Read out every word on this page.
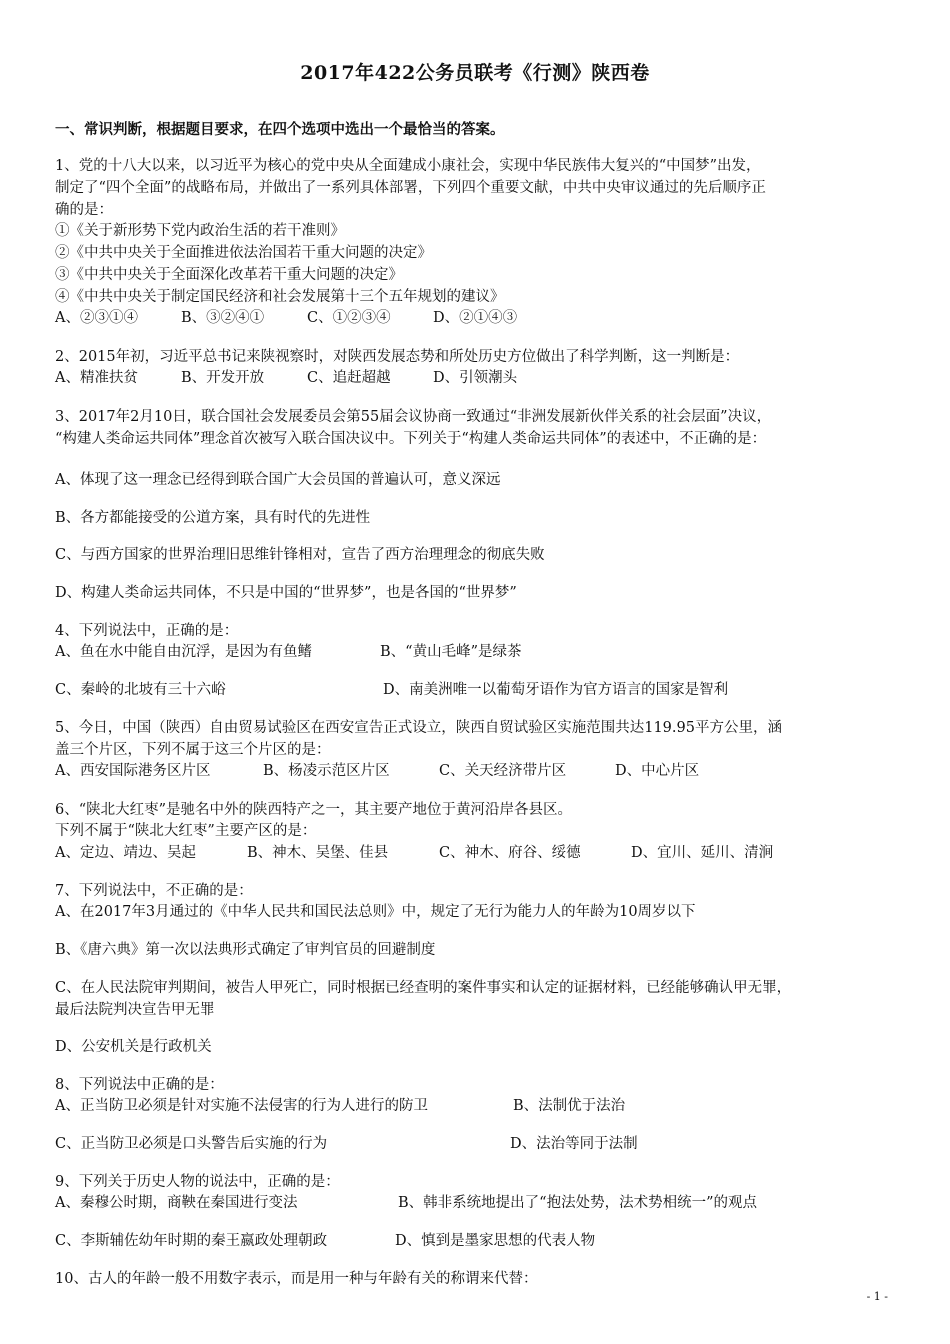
2017年422公务员联考《行测》陕西卷
一、常识判断，根据题目要求，在四个选项中选出一个最恰当的答案。
1、党的十八大以来，以习近平为核心的党中央从全面建成小康社会，实现中华民族伟大复兴的“中国梦”出发，
制定了“四个全面”的战略布局，并做出了一系列具体部署，下列四个重要文献，中共中央审议通过的先后顺序正
确的是：
①《关于新形势下党内政治生活的若干准则》
②《中共中央关于全面推进依法治国若干重大问题的决定》
③《中共中央关于全面深化改革若干重大问题的决定》
④《中共中央关于制定国民经济和社会发展第十三个五年规划的建议》
A、②③①④	B、③②④①	C、①②③④	D、②①④③
2、2015年初，习近平总书记来陕视察时，对陕西发展态势和所处历史方位做出了科学判断，这一判断是：
A、精准扶贫	B、开发开放	C、追赶超越	D、引领潮头
3、2017年2月10日，联合国社会发展委员会第55届会议协商一致通过“非洲发展新伙伴关系的社会层面”决议，
“构建人类命运共同体”理念首次被写入联合国决议中。下列关于“构建人类命运共同体”的表述中，不正确的是：
A、体现了这一理念已经得到联合国广大会员国的普遍认可，意义深远
B、各方都能接受的公道方案，具有时代的先进性
C、与西方国家的世界治理旧思维针锋相对，宣告了西方治理理念的彻底失败
D、构建人类命运共同体，不只是中国的“世界梦”，也是各国的“世界梦”
4、下列说法中，正确的是：
A、鱼在水中能自由沉浮，是因为有鱼鳍	B、“黄山毛峰”是绿茶
C、秦岭的北坡有三十六峪	D、南美洲唯一以葡萄牙语作为官方语言的国家是智利
5、今日，中国（陕西）自由贸易试验区在西安宣告正式设立，陕西自贸试验区实施范围共达119.95平方公里，涵
盖三个片区，下列不属于这三个片区的是：
A、西安国际港务区片区	B、杨凌示范区片区	C、关天经济带片区	D、中心片区
6、“陕北大红枣”是驰名中外的陕西特产之一，其主要产地位于黄河沿岸各县区。
下列不属于“陕北大红枣”主要产区的是：
A、定边、靖边、吴起	B、神木、吴堡、佳县	C、神木、府谷、绥德	D、宜川、延川、清涧
7、下列说法中，不正确的是：
A、在2017年3月通过的《中华人民共和国民法总则》中，规定了无行为能力人的年龄为10周岁以下
B、《唐六典》第一次以法典形式确定了审判官员的回避制度
C、在人民法院审判期间，被告人甲死亡，同时根据已经查明的案件事实和认定的证据材料，已经能够确认甲无罪，
最后法院判决宣告甲无罪
D、公安机关是行政机关
8、下列说法中正确的是：
A、正当防卫必须是针对实施不法侵害的行为人进行的防卫	B、法制优于法治
C、正当防卫必须是口头警告后实施的行为	D、法治等同于法制
9、下列关于历史人物的说法中，正确的是：
A、秦穆公时期，商鞅在秦国进行变法	B、韩非系统地提出了“抱法处势，法术势相统一”的观点
C、李斯辅佐幼年时期的秦王嬴政处理朝政	D、慎到是墨家思想的代表人物
10、古人的年龄一般不用数字表示，而是用一种与年龄有关的称谓来代替：
- 1 -
